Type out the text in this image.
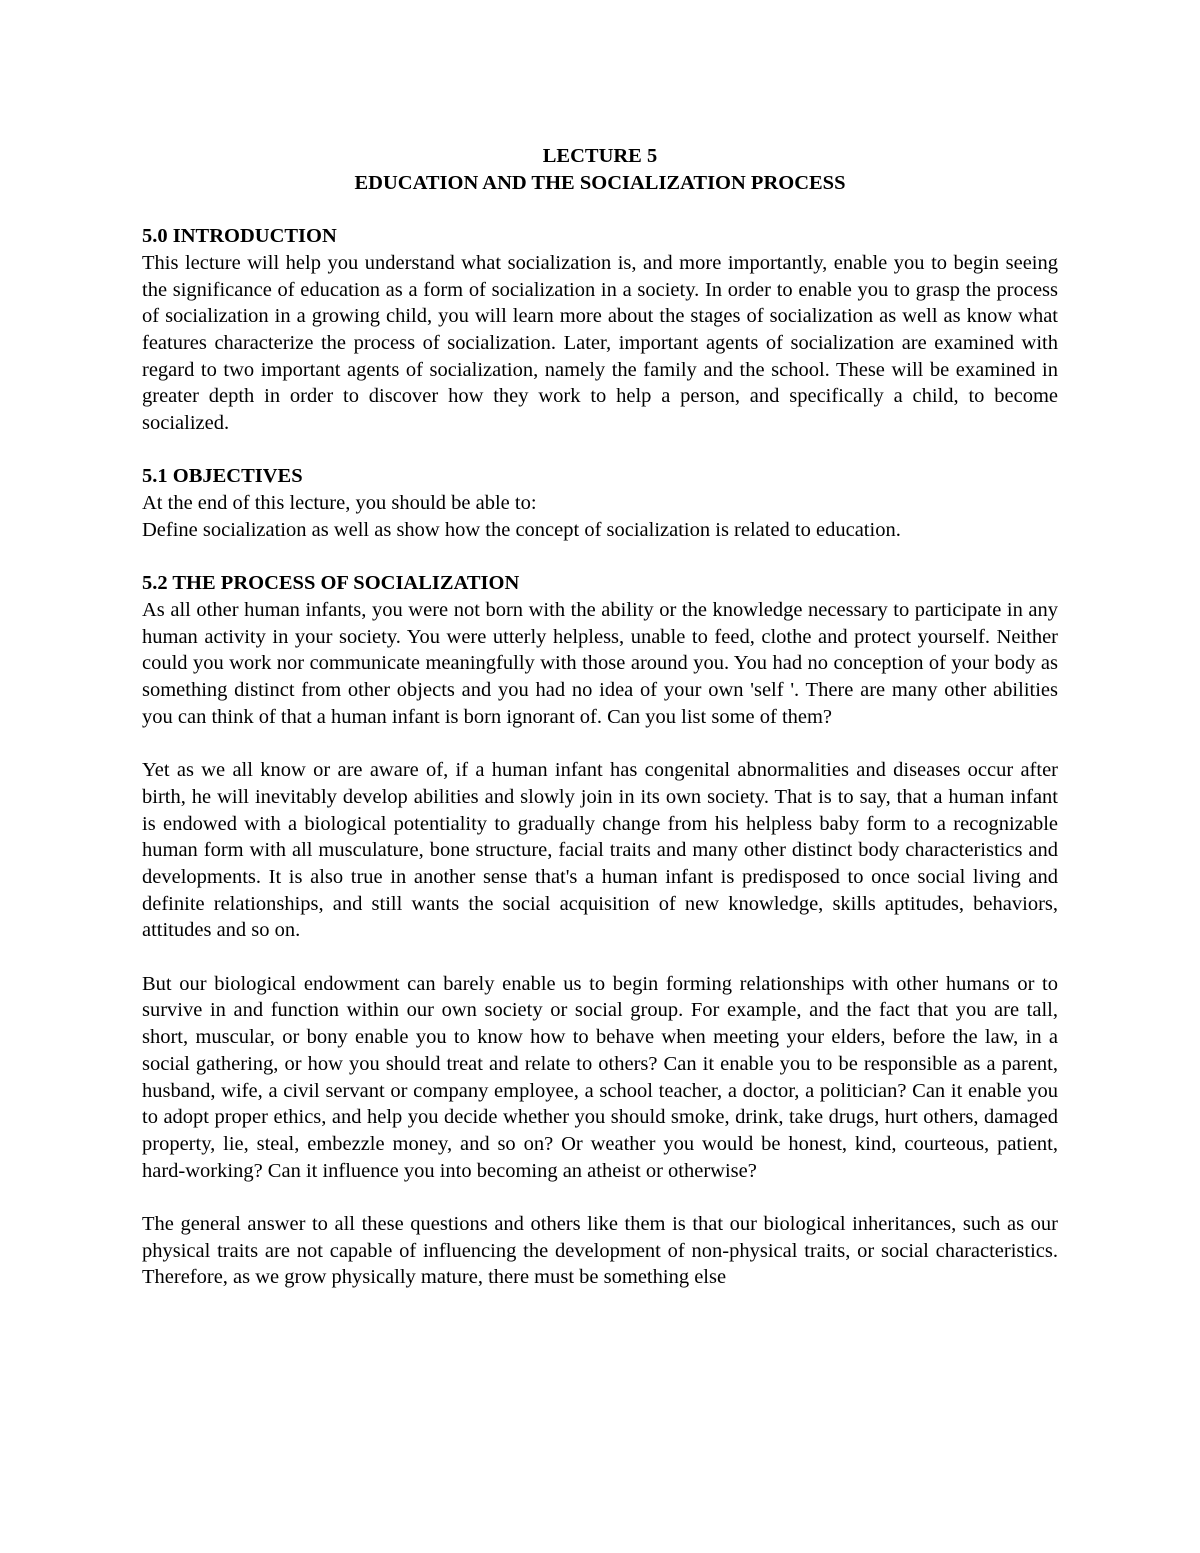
LECTURE 5
EDUCATION AND THE SOCIALIZATION PROCESS
5.0 INTRODUCTION

This lecture will help you understand what socialization is, and more importantly, enable you to begin seeing the significance of education as a form of socialization in a society. In order to enable you to grasp the process of socialization in a growing child, you will learn more about the stages of socialization as well as know what features characterize the process of socialization. Later, important agents of socialization are examined with regard to two important agents of socialization, namely the family and the school. These will be examined in greater depth in order to discover how they work to help a person, and specifically a child, to become socialized.

5.1 OBJECTIVES

At the end of this lecture, you should be able to:

Define socialization as well as show how the concept of socialization is related to education.

5.2 THE PROCESS OF SOCIALIZATION

As all other human infants, you were not born with the ability or the knowledge necessary to participate in any human activity in your society. You were utterly helpless, unable to feed, clothe and protect yourself. Neither could you work nor communicate meaningfully with those around you. You had no conception of your body as something distinct from other objects and you had no idea of your own 'self '. There are many other abilities you can think of that a human infant is born ignorant of. Can you list some of them?

Yet as we all know or are aware of, if a human infant has congenital abnormalities and diseases occur after birth, he will inevitably develop abilities and slowly join in its own society. That is to say, that a human infant is endowed with a biological potentiality to gradually change from his helpless baby form to a recognizable human form with all musculature, bone structure, facial traits and many other distinct body characteristics and developments. It is also true in another sense that's a human infant is predisposed to once social living and definite relationships, and still wants the social acquisition of new knowledge, skills aptitudes, behaviors, attitudes and so on.

But our biological endowment can barely enable us to begin forming relationships with other humans or to survive in and function within our own society or social group. For example, and the fact that you are tall, short, muscular, or bony enable you to know how to behave when meeting your elders, before the law, in a social gathering, or how you should treat and relate to others? Can it enable you to be responsible as a parent, husband, wife, a civil servant or company employee, a school teacher, a doctor, a politician? Can it enable you to adopt proper ethics, and help you decide whether you should smoke, drink, take drugs, hurt others, damaged property, lie, steal, embezzle money, and so on? Or weather you would be honest, kind, courteous, patient, hard-working? Can it influence you into becoming an atheist or otherwise?

The general answer to all these questions and others like them is that our biological inheritances, such as our physical traits are not capable of influencing the development of non-physical traits, or social characteristics. Therefore, as we grow physically mature, there must be something else
